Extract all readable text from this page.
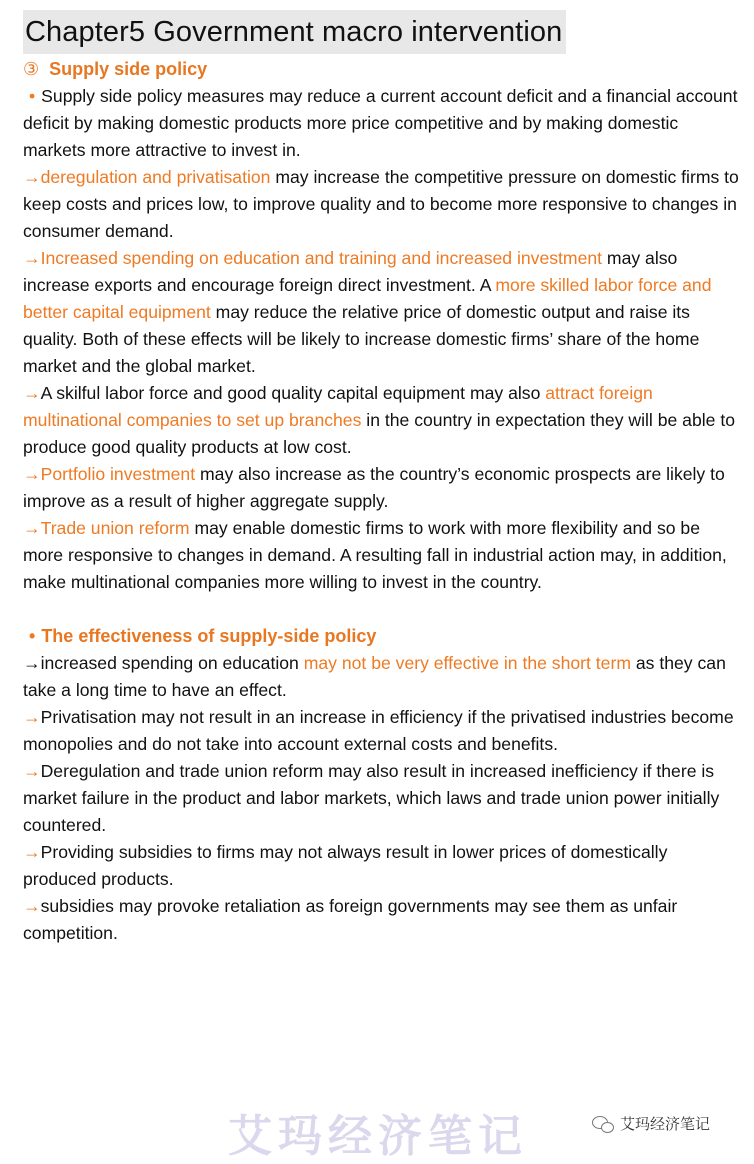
Chapter5 Government macro intervention
③ Supply side policy
• Supply side policy measures may reduce a current account deficit and a financial account deficit by making domestic products more price competitive and by making domestic markets more attractive to invest in.
→deregulation and privatisation may increase the competitive pressure on domestic firms to keep costs and prices low, to improve quality and to become more responsive to changes in consumer demand.
→Increased spending on education and training and increased investment may also increase exports and encourage foreign direct investment. A more skilled labor force and better capital equipment may reduce the relative price of domestic output and raise its quality. Both of these effects will be likely to increase domestic firms’ share of the home market and the global market.
→A skilful labor force and good quality capital equipment may also attract foreign multinational companies to set up branches in the country in expectation they will be able to produce good quality products at low cost.
→Portfolio investment may also increase as the country’s economic prospects are likely to improve as a result of higher aggregate supply.
→Trade union reform may enable domestic firms to work with more flexibility and so be more responsive to changes in demand. A resulting fall in industrial action may, in addition, make multinational companies more willing to invest in the country.
• The effectiveness of supply-side policy
→increased spending on education may not be very effective in the short term as they can take a long time to have an effect.
→Privatisation may not result in an increase in efficiency if the privatised industries become monopolies and do not take into account external costs and benefits.
→Deregulation and trade union reform may also result in increased inefficiency if there is market failure in the product and labor markets, which laws and trade union power initially countered.
→Providing subsidies to firms may not always result in lower prices of domestically produced products.
→subsidies may provoke retaliation as foreign governments may see them as unfair competition.
艾玛经济笔记	艾玛经济笔记
